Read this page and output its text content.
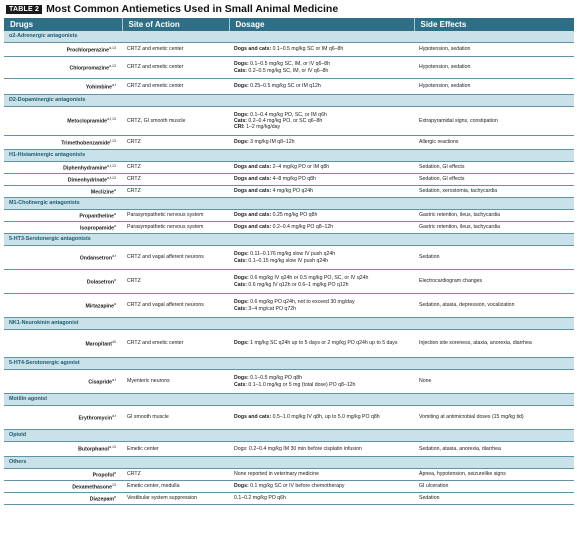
TABLE 2 Most Common Antiemetics Used in Small Animal Medicine
Drugs	Site of Action	Dosage	Side Effects
α2-Adrenergic antagonists			
Prochlorperazine$^{a,13}$	CRTZ and emetic center	Dogs and cats: 0.1–0.5 mg/kg SC or IM q6–8h	Hypotension, sedation
Chlorpromazine$^{a,13}$	CRTZ and emetic center	Dogs: 0.1–0.5 mg/kg SC, IM, or IV q6–8h
Cats: 0.2–0.5 mg/kg SC, IM, or IV q6–8h	Hypotension, sedation
Yohimbine$^{a,f}$	CRTZ and emetic center	Dogs: 0.25–0.5 mg/kg SC or IM q12h	Hypotension, sedation
D2-Dopaminergic antagonists			
Metoclopramide$^{a,f,13}$	CRTZ, GI smooth muscle	Dogs: 0.1–0.4 mg/kg PO, SC, or IM q6h
Cats: 0.2–0.4 mg/kg PO, or SC q6–8h
CRI: 1–2 mg/kg/day	Extrapyramidal signs, constipation
Trimethobenzamide$^{f,13}$	CRTZ	Dogs: 3 mg/kg IM q8–12h	Allergic reactions
H1-Histaminergic antagonists			
Diphenhydramine$^{a,f,13}$	CRTZ	Dogs and cats: 2–4 mg/kg PO or IM q8h	Sedation, GI effects
Dimenhydrinate$^{a,f,13}$	CRTZ	Dogs and cats: 4–8 mg/kg PO q8h	Sedation, GI effects
Meclizine$^a$	CRTZ	Dogs and cats: 4 mg/kg PO q24h	Sedation, xerostomia, tachycardia
M1-Cholinergic antagonists			
Propantheline$^a$	Parasympathetic nervous system	Dogs and cats: 0.25 mg/kg PO q8h	Gastric retention, ileus, tachycardia
Isopropamide$^a$	Parasympathetic nervous system	Dogs and cats: 0.2–0.4 mg/kg PO q8–12h	Gastric retention, ileus, tachycardia
5-HT3-Serotonergic antagonists			
Ondansetron$^{a,f}$	CRTZ and vagal afferent neurons	Dogs: 0.11–0.176 mg/kg slow IV push q24h
Cats: 0.1–0.15 mg/kg slow IV push q24h	Sedation
Dolasetron$^a$	CRTZ	Dogs: 0.6 mg/kg IV q24h or 0.5 mg/kg PO, SC, or IV q24h
Cats: 0.6 mg/kg IV q12h or 0.6–1 mg/kg PO q12h	Electrocardiogram changes
Mirtazapine$^a$	CRTZ and vagal afferent neurons	Dogs: 0.6 mg/kg PO q24h, not to exceed 30 mg/day
Cats: 3–4 mg/cat PO q72h	Sedation, ataxia, depression, vocalization
NK1-Neurokinin antagonist			
Maropitant$^{40}$	CRTZ and emetic center	Dogs: 1 mg/kg SC q24h up to 5 days or 2 mg/kg PO q24h up to 5 days	Injection site soreness, ataxia, anorexia, diarrhea
5-HT4-Serotonergic agonist			
Cisapride$^{a,f}$	Myenteric neurons	Dogs: 0.1–0.5 mg/kg PO q8h
Cats: 0.1–1.0 mg/kg or 5 mg (total dose) PO q8–12h	None
Motilin agonist			
Erythromycin$^{a,f}$	GI smooth muscle	Dogs and cats: 0.5–1.0 mg/kg IV q8h, up to 5.0 mg/kg PO q8h	Vomiting at antimicrobial doses (15 mg/kg tid)
Opioid			
Butorphanol$^{a,13}$	Emetic center	Dogs: 0.2–0.4 mg/kg IM 30 min before cisplatin infusion	Sedation, ataxia, anorexia, diarrhea
Others			
Propofol$^a$	CRTZ	None reported in veterinary medicine	Apnea, hypotension, seizurelike signs
Dexamethasone$^{13}$	Emetic center, medulla	Dogs: 0.1 mg/kg SC or IV before chemotherapy	GI ulceration
Diazepam$^a$	Vestibular system suppression	0.1–0.2 mg/kg PO q6h	Sedation
